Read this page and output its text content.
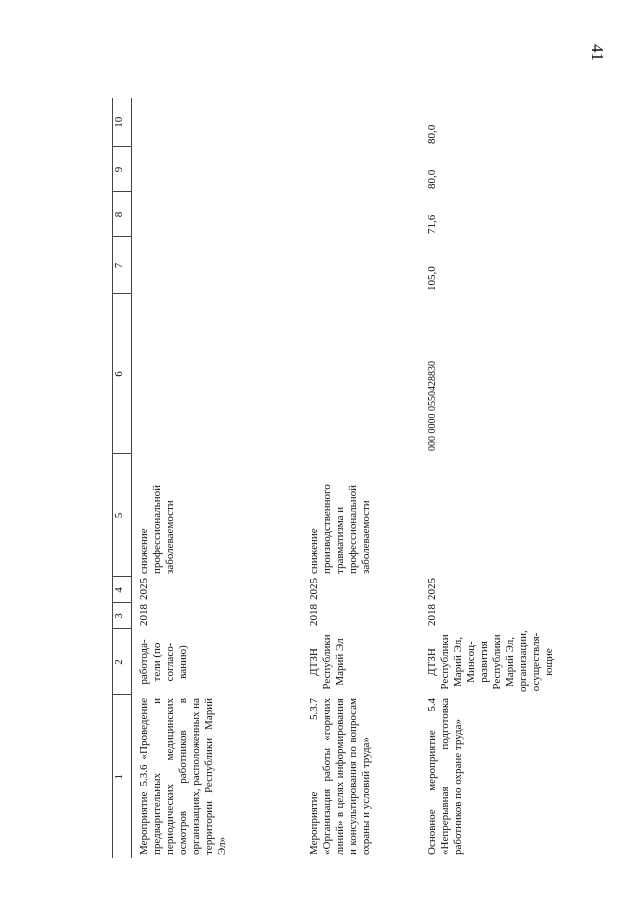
41
1	2	3	4	5	6	7	8	9	10
Мероприятие 5.3.6 «Проведение предварительных и периодических медицинских осмотров работников в организациях, расположенных на территории Республики Марий Эл»	работода-тели (по согласо-ванию)	2018	2025	снижение профессиональной заболеваемости					
Мероприятие 5.3.7 «Организация работы «горячих линий» в целях информирования и консультирования по вопросам охраны и условий труда»	ДТЗН Республики Марий Эл	2018	2025	снижение производственного травматизма и профессиональной заболеваемости					
Основное мероприятие 5.4 «Непрерывная подготовка работников по охране труда»	ДТЗН Республики Марий Эл, Минсоц-развития Республики Марий Эл, организации, осуществля-ющие	2018	2025		000 0000 0550428830	105,0	71,6	80,0	80,0
